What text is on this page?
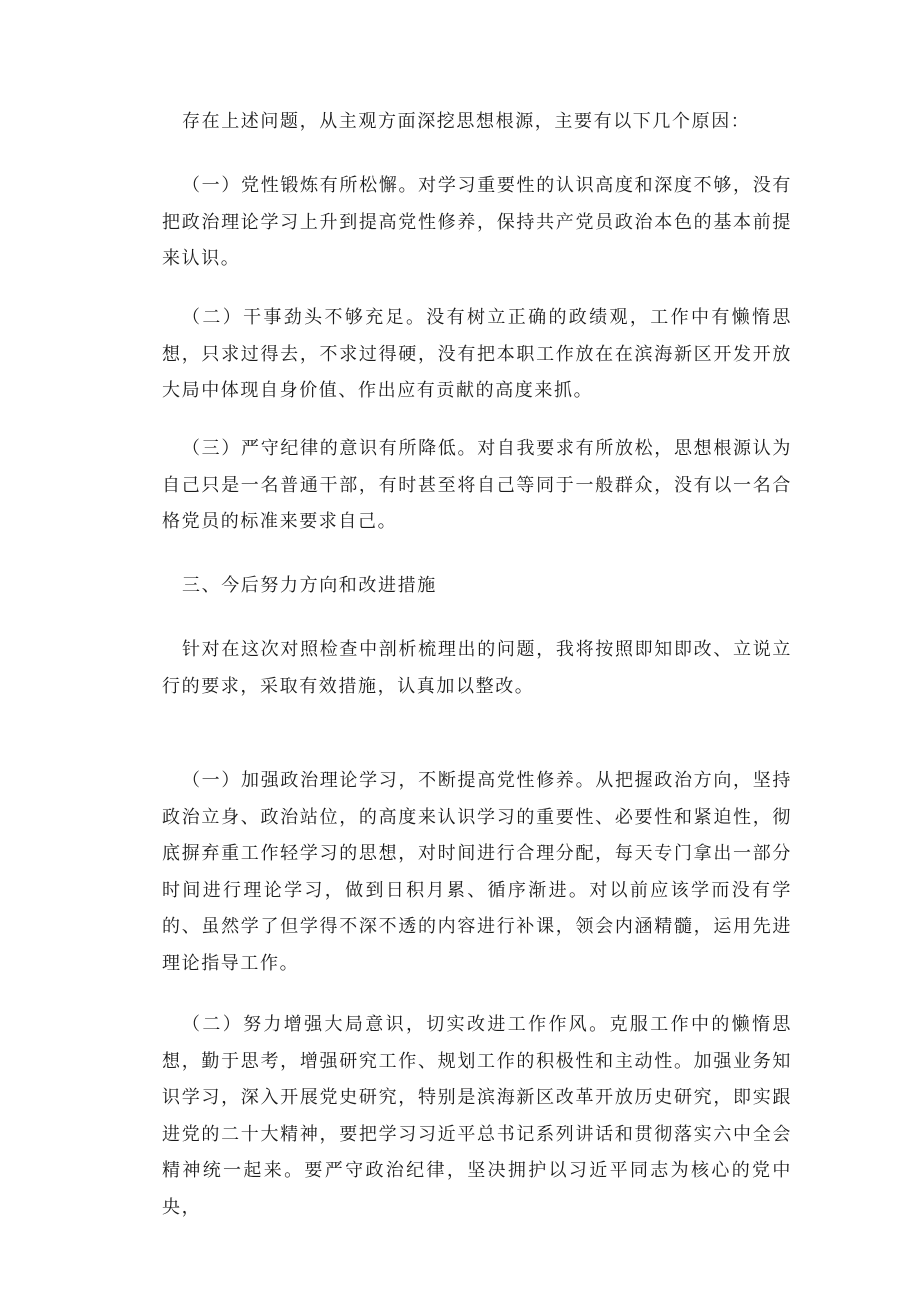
存在上述问题，从主观方面深挖思想根源，主要有以下几个原因：

（一）党性锻炼有所松懈。对学习重要性的认识高度和深度不够，没有把政治理论学习上升到提高党性修养，保持共产党员政治本色的基本前提来认识。

（二）干事劲头不够充足。没有树立正确的政绩观，工作中有懒惰思想，只求过得去，不求过得硬，没有把本职工作放在在滨海新区开发开放大局中体现自身价值、作出应有贡献的高度来抓。

（三）严守纪律的意识有所降低。对自我要求有所放松，思想根源认为自己只是一名普通干部，有时甚至将自己等同于一般群众，没有以一名合格党员的标准来要求自己。

三、今后努力方向和改进措施

针对在这次对照检查中剖析梳理出的问题，我将按照即知即改、立说立行的要求，采取有效措施，认真加以整改。

（一）加强政治理论学习，不断提高党性修养。从把握政治方向，坚持政治立身、政治站位，的高度来认识学习的重要性、必要性和紧迫性，彻底摒弃重工作轻学习的思想，对时间进行合理分配，每天专门拿出一部分时间进行理论学习，做到日积月累、循序渐进。对以前应该学而没有学的、虽然学了但学得不深不透的内容进行补课，领会内涵精髓，运用先进理论指导工作。

（二）努力增强大局意识，切实改进工作作风。克服工作中的懒惰思想，勤于思考，增强研究工作、规划工作的积极性和主动性。加强业务知识学习，深入开展党史研究，特别是滨海新区改革开放历史研究，即实跟进党的二十大精神，要把学习习近平总书记系列讲话和贯彻落实六中全会精神统一起来。要严守政治纪律，坚决拥护以习近平同志为核心的党中央，
